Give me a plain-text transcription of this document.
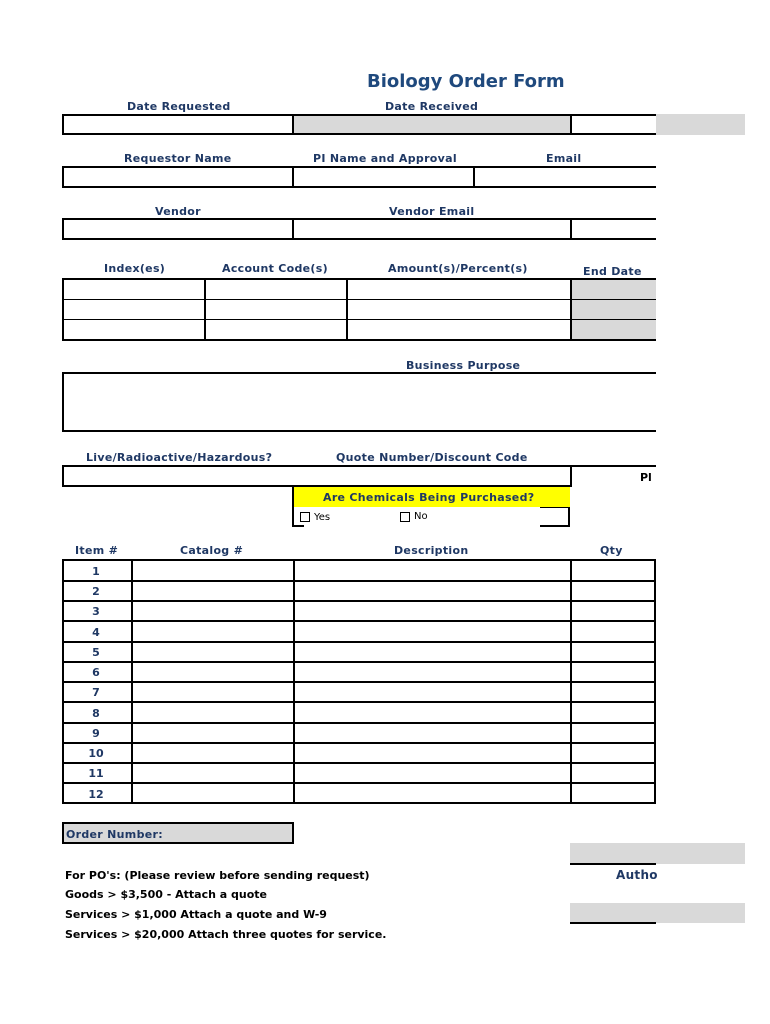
Biology Order Form
Date Requested	Date Received
Requestor Name	PI Name and Approval	Email
Vendor	Vendor Email
Index(es)	Account Code(s)	Amount(s)/Percent(s)	End Date
Business Purpose
Live/Radioactive/Hazardous?	Quote Number/Discount Code
Pl
Are Chemicals Being Purchased?
Yes	No
Item #	Catalog #	Description	Qty
1
2
3
4
5
6
7
8
9
10
11
12
Order Number:
Autho
For PO's: (Please review before sending request)
Goods > $3,500 - Attach a quote
Services > $1,000 Attach a quote and W-9
Services > $20,000 Attach three quotes for service.
